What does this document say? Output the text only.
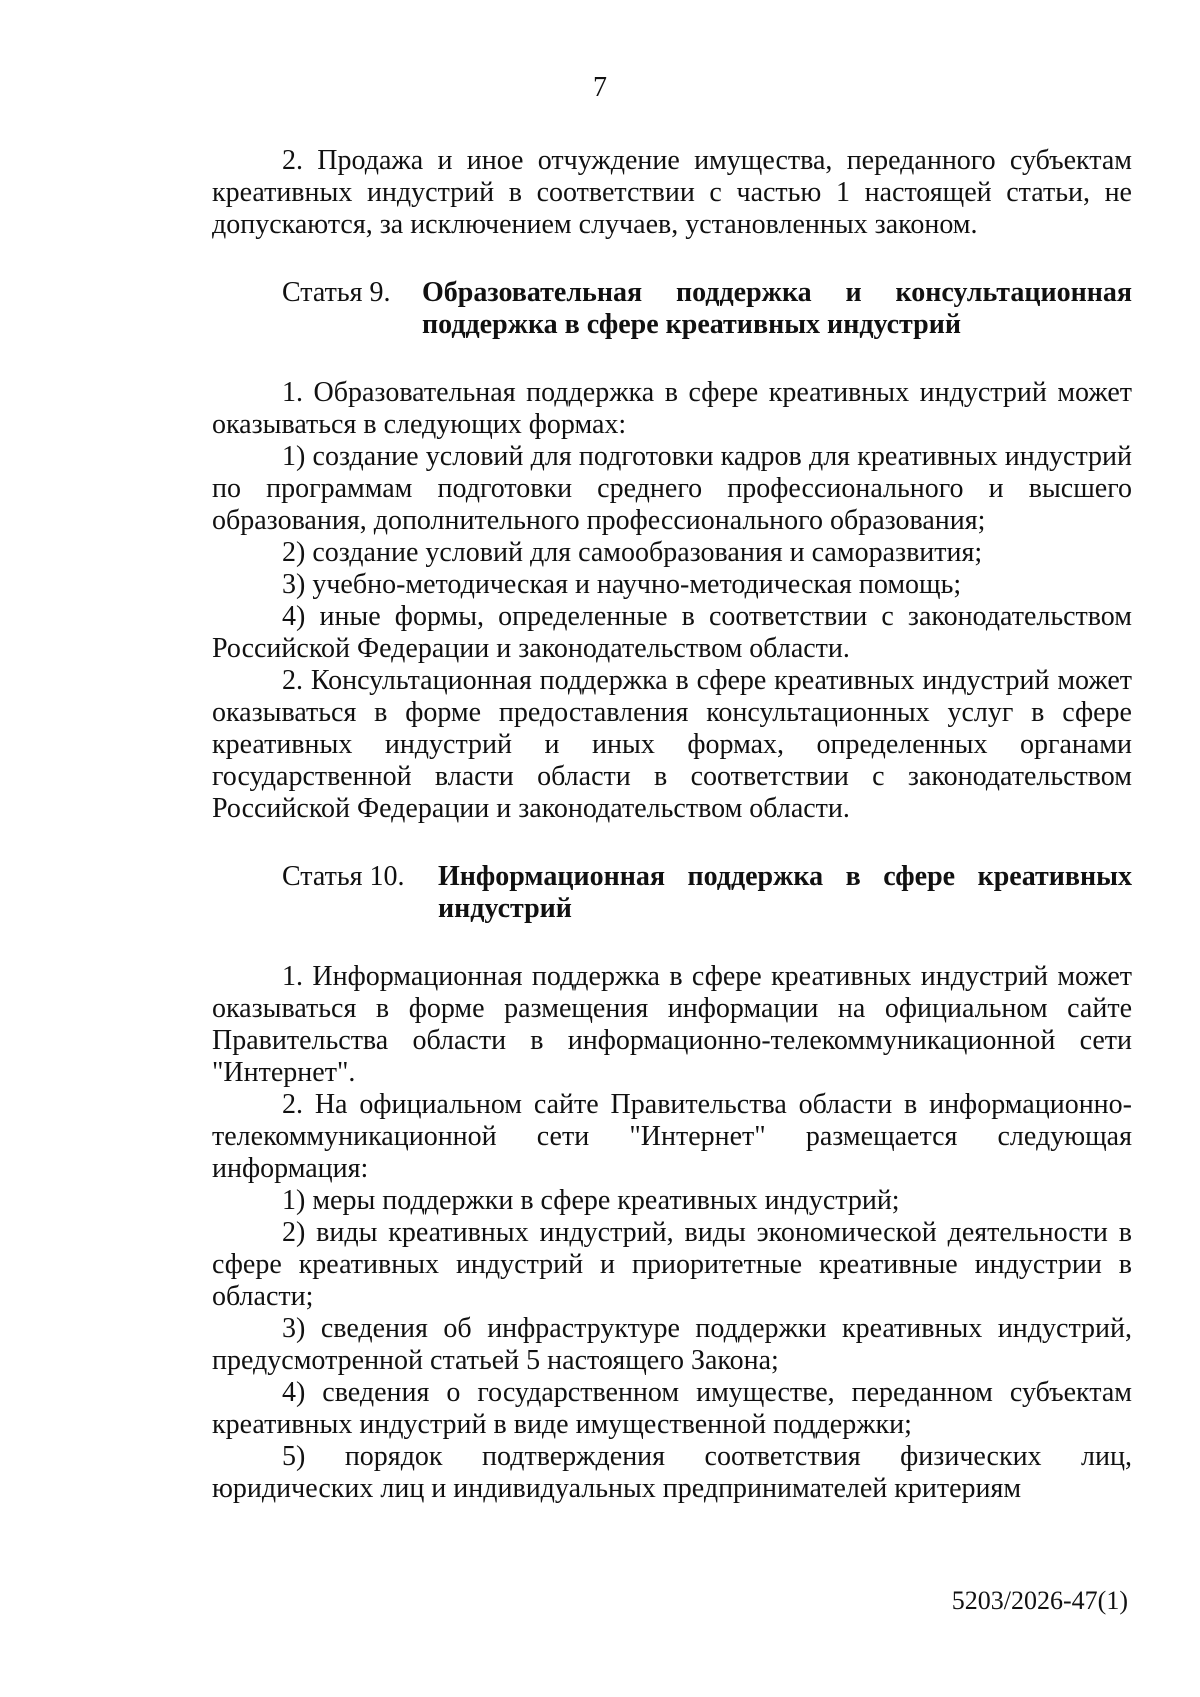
7

2. Продажа и иное отчуждение имущества, переданного субъектам креативных индустрий в соответствии с частью 1 настоящей статьи, не допускаются, за исключением случаев, установленных законом.

Статья 9.	Образовательная поддержка и консультационная поддержка в сфере креативных индустрий

1. Образовательная поддержка в сфере креативных индустрий может оказываться в следующих формах:

1) создание условий для подготовки кадров для креативных индустрий по программам подготовки среднего профессионального и высшего образования, дополнительного профессионального образования;

2) создание условий для самообразования и саморазвития;

3) учебно-методическая и научно-методическая помощь;

4) иные формы, определенные в соответствии с законодательством Российской Федерации и законодательством области.

2. Консультационная поддержка в сфере креативных индустрий может оказываться в форме предоставления консультационных услуг в сфере креативных индустрий и иных формах, определенных органами государственной власти области в соответствии с законодательством Российской Федерации и законодательством области.

Статья 10.	Информационная поддержка в сфере креативных индустрий

1. Информационная поддержка в сфере креативных индустрий может оказываться в форме размещения информации на официальном сайте Правительства области в информационно-телекоммуникационной сети "Интернет".

2. На официальном сайте Правительства области в информационно-телекоммуникационной сети "Интернет" размещается следующая информация:

1) меры поддержки в сфере креативных индустрий;

2) виды креативных индустрий, виды экономической деятельности в сфере креативных индустрий и приоритетные креативные индустрии в области;

3) сведения об инфраструктуре поддержки креативных индустрий, предусмотренной статьей 5 настоящего Закона;

4) сведения о государственном имуществе, переданном субъектам креативных индустрий в виде имущественной поддержки;

5) порядок подтверждения соответствия физических лиц, юридических лиц и индивидуальных предпринимателей критериям

5203/2026-47(1)
